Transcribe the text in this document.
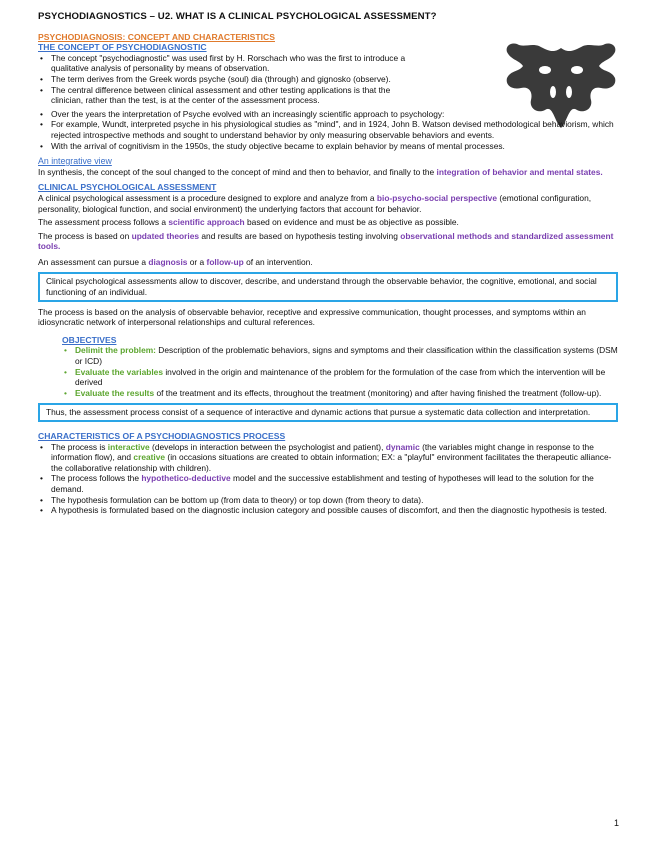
PSYCHODIAGNOSTICS – U2. WHAT IS A CLINICAL PSYCHOLOGICAL ASSESSMENT?
PSYCHODIAGNOSIS: CONCEPT AND CHARACTERISTICS
THE CONCEPT OF PSYCHODIAGNOSTIC
• The concept "psychodiagnostic" was used first by H. Rorschach who was the first to introduce a qualitative analysis of personality by means of observation.
• The term derives from the Greek words psyche (soul) dia (through) and gignosko (observe).
• The central difference between clinical assessment and other testing applications is that the clinician, rather than the test, is at the center of the assessment process.
• Over the years the interpretation of Psyche evolved with an increasingly scientific approach to psychology:
• For example, Wundt, interpreted psyche in his physiological studies as "mind", and in 1924, John B. Watson devised methodological behaviorism, which rejected introspective methods and sought to understand behavior by only measuring observable behaviors and events.
• With the arrival of cognitivism in the 1950s, the study objective became to explain behavior by means of mental processes.
An integrative view

In synthesis, the concept of the soul changed to the concept of mind and then to behavior, and finally to the integration of behavior and mental states.

CLINICAL PSYCHOLOGICAL ASSESSMENT

A clinical psychological assessment is a procedure designed to explore and analyze from a bio-psycho-social perspective (emotional configuration, personality, biological function, and social environment) the underlying factors that account for behavior.

The assessment process follows a scientific approach based on evidence and must be as objective as possible.

The process is based on updated theories and results are based on hypothesis testing involving observational methods and standardized assessment tools.

An assessment can pursue a diagnosis or a follow-up of an intervention.

Clinical psychological assessments allow to discover, describe, and understand through the observable behavior, the cognitive, emotional, and social functioning of an individual.

The process is based on the analysis of observable behavior, receptive and expressive communication, thought processes, and symptoms within an idiosyncratic network of interpersonal relationships and cultural references.

OBJECTIVES
• Delimit the problem: Description of the problematic behaviors, signs and symptoms and their classification within the classification systems (DSM or ICD)
• Evaluate the variables involved in the origin and maintenance of the problem for the formulation of the case from which the intervention will be derived
• Evaluate the results of the treatment and its effects, throughout the treatment (monitoring) and after having finished the treatment (follow-up).
Thus, the assessment process consist of a sequence of interactive and dynamic actions that pursue a systematic data collection and interpretation.
CHARACTERISTICS OF A PSYCHODIAGNOSTICS PROCESS
• The process is interactive (develops in interaction between the psychologist and patient), dynamic (the variables might change in response to the information flow), and creative (in occasions situations are created to obtain information; EX: a "playful" environment facilitates the therapeutic alliance-the collaborative relationship with children).
• The process follows the hypothetico-deductive model and the successive establishment and testing of hypotheses will lead to the solution for the demand.
• The hypothesis formulation can be bottom up (from data to theory) or top down (from theory to data).
• A hypothesis is formulated based on the diagnostic inclusion category and possible causes of discomfort, and then the diagnostic hypothesis is tested.
1
